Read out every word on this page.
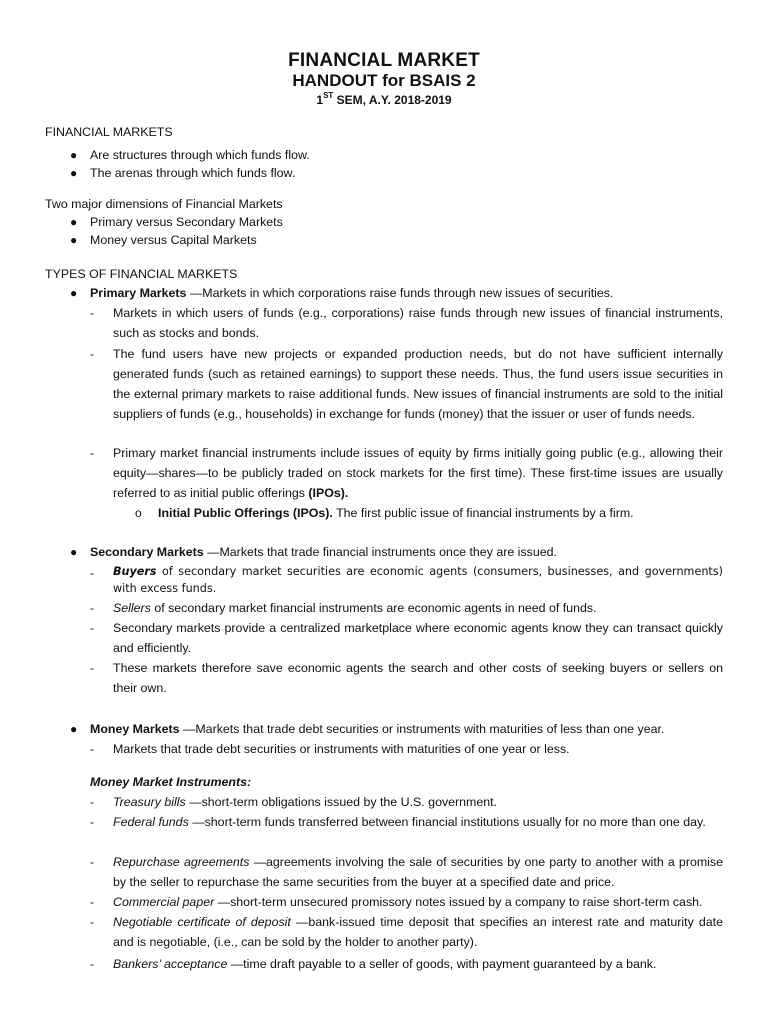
FINANCIAL MARKET
HANDOUT for BSAIS 2
1ST SEM, A.Y. 2018-2019
FINANCIAL MARKETS
● Are structures through which funds flow.
● The arenas through which funds flow.
Two major dimensions of Financial Markets
● Primary versus Secondary Markets
● Money versus Capital Markets
TYPES OF FINANCIAL MARKETS
● Primary Markets —Markets in which corporations raise funds through new issues of securities.
- Markets in which users of funds (e.g., corporations) raise funds through new issues of financial instruments, such as stocks and bonds.
- The fund users have new projects or expanded production needs, but do not have sufficient internally generated funds (such as retained earnings) to support these needs. Thus, the fund users issue securities in the external primary markets to raise additional funds. New issues of financial instruments are sold to the initial suppliers of funds (e.g., households) in exchange for funds (money) that the issuer or user of funds needs.
- Primary market financial instruments include issues of equity by firms initially going public (e.g., allowing their equity—shares—to be publicly traded on stock markets for the first time). These first-time issues are usually referred to as initial public offerings (IPOs).
o Initial Public Offerings (IPOs). The first public issue of financial instruments by a firm.
● Secondary Markets —Markets that trade financial instruments once they are issued.
- Buyers of secondary market securities are economic agents (consumers, businesses, and governments) with excess funds.
- Sellers of secondary market financial instruments are economic agents in need of funds.
- Secondary markets provide a centralized marketplace where economic agents know they can transact quickly and efficiently.
- These markets therefore save economic agents the search and other costs of seeking buyers or sellers on their own.
● Money Markets —Markets that trade debt securities or instruments with maturities of less than one year.
- Markets that trade debt securities or instruments with maturities of one year or less.
Money Market Instruments:
- Treasury bills —short-term obligations issued by the U.S. government.
- Federal funds —short-term funds transferred between financial institutions usually for no more than one day.
- Repurchase agreements —agreements involving the sale of securities by one party to another with a promise by the seller to repurchase the same securities from the buyer at a specified date and price.
- Commercial paper —short-term unsecured promissory notes issued by a company to raise short-term cash.
- Negotiable certificate of deposit —bank-issued time deposit that specifies an interest rate and maturity date and is negotiable, (i.e., can be sold by the holder to another party).
- Bankers’ acceptance —time draft payable to a seller of goods, with payment guaranteed by a bank.
